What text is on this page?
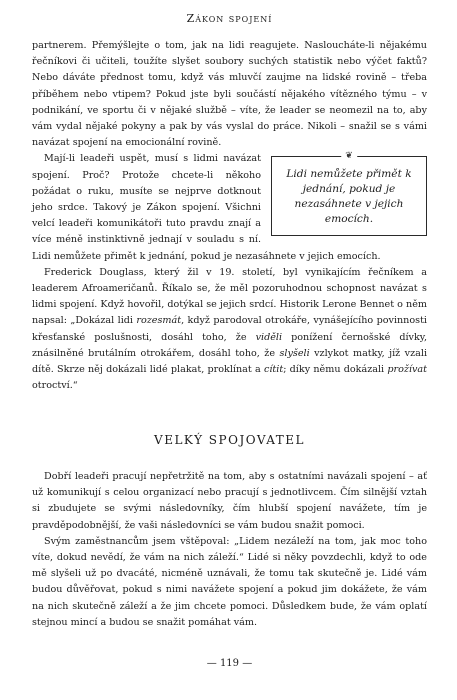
Zákon spojení

partnerem. Přemýšlejte o tom, jak na lidi reagujete. Nasloucháte-li nějakému řečníkovi či učiteli, toužíte slyšet soubory suchých statistik nebo výčet faktů? Nebo dáváte přednost tomu, když vás mluvčí zaujme na lidské rovině – třeba příběhem nebo vtipem? Pokud jste byli součástí nějakého vítězného týmu – v podnikání, ve sportu či v nějaké službě – víte, že leader se neomezil na to, aby vám vydal nějaké pokyny a pak by vás vyslal do práce. Nikoli – snažil se s vámi navázat spojení na emocionální rovině.

❦
Lidi nemůžete přimět k jednání, pokud je nezasáhnete v jejich emocích.

Mají-li leadeři uspět, musí s lidmi navázat spojení. Proč? Protože chcete-li někoho požádat o ruku, musíte se nejprve dotknout jeho srdce. Takový je Zákon spojení. Všichni velcí leadeři komunikátoři tuto pravdu znají a více méně instinktivně jednají v souladu s ní. Lidi nemůžete přimět k jednání, pokud je nezasáhnete v jejich emocích.

Frederick Douglass, který žil v 19. století, byl vynikajícím řečníkem a leaderem Afroameričanů. Říkalo se, že měl pozoruhodnou schopnost navázat s lidmi spojení. Když hovořil, dotýkal se jejich srdcí. Historik Lerone Bennet o něm napsal: „Dokázal lidi rozesmát, když parodoval otrokáře, vynášejícího povinnosti křesťanské poslušnosti, dosáhl toho, že viděli ponížení černošské dívky, znásilněné brutálním otrokářem, dosáhl toho, že slyšeli vzlykot matky, jíž vzali dítě. Skrze něj dokázali lidé plakat, proklínat a cítit; díky němu dokázali prožívat otroctví.“

VELKÝ SPOJOVATEL

Dobří leadeři pracují nepřetržitě na tom, aby s ostatními navázali spojení – ať už komunikují s celou organizací nebo pracují s jednotlivcem. Čím silnější vztah si zbudujete se svými následovníky, čím hlubší spojení navážete, tím je pravděpodobnější, že vaši následovníci se vám budou snažit pomoci.

Svým zaměstnancům jsem vštěpoval: „Lidem nezáleží na tom, jak moc toho víte, dokud nevědí, že vám na nich záleží.“ Lidé si něky povzdechli, když to ode mě slyšeli už po dvacáté, nicméně uznávali, že tomu tak skutečně je. Lidé vám budou důvěřovat, pokud s nimi navážete spojení a pokud jim dokážete, že vám na nich skutečně záleží a že jim chcete pomoci. Důsledkem bude, že vám oplatí stejnou mincí a budou se snažit pomáhat vám.

— 119 —
